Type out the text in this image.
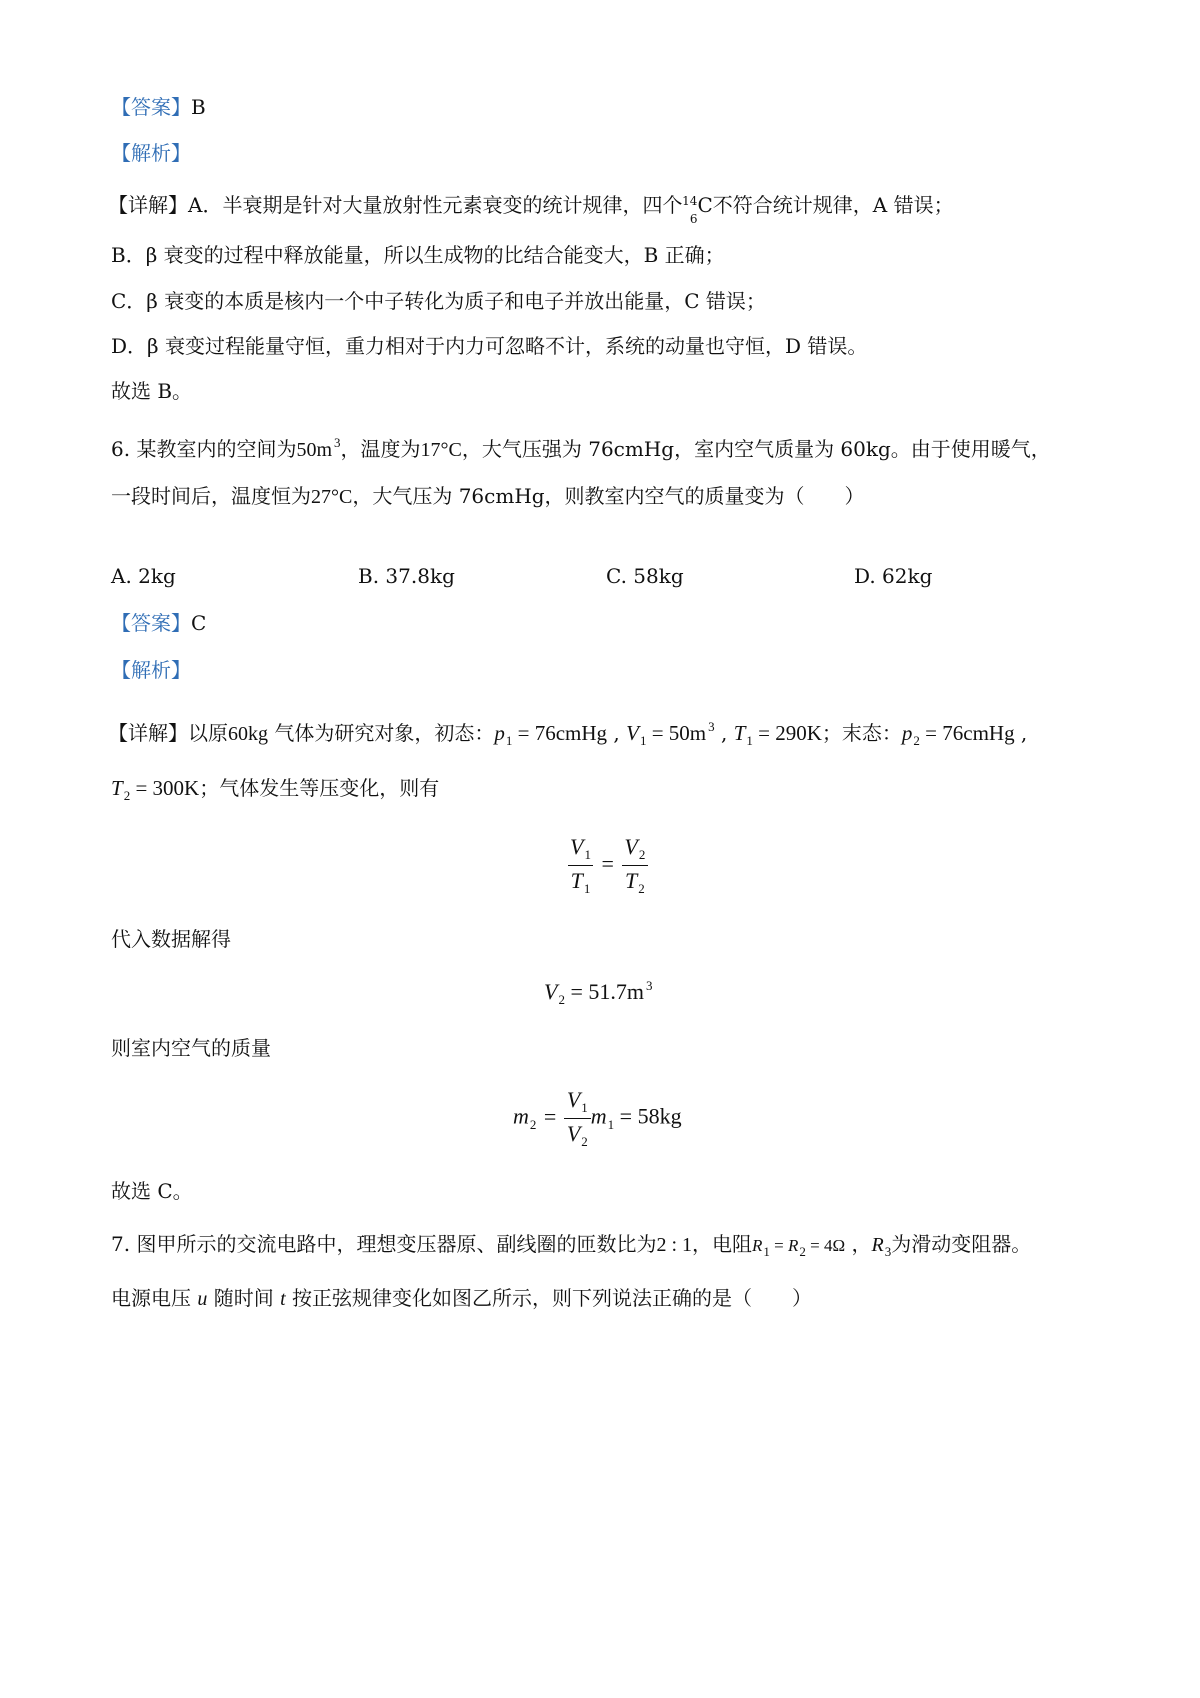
【答案】B
【解析】
【详解】A．半衰期是针对大量放射性元素衰变的统计规律，四个 14
6
C不符合统计规律，A 错误；
B．β 衰变的过程中释放能量，所以生成物的比结合能变大，B 正确；
C．β 衰变的本质是核内一个中子转化为质子和电子并放出能量，C 错误；
D．β 衰变过程能量守恒，重力相对于内力可忽略不计，系统的动量也守恒，D 错误。
故选 B。
6. 某教室内的空间为50m $^3$，温度为17°C，大气压强为 76cmHg，室内空气质量为 60kg。由于使用暖气，
一段时间后，温度恒为27°C，大气压为 76cmHg，则教室内空气的质量变为（　　）
A. 2kg	B. 37.8kg	C. 58kg	D. 62kg
【答案】C
【解析】
【详解】以原60kg 气体为研究对象，初态：$p_1$ = 76cmHg , $V_1 = 50m$ $^3$ , $T_1 = 290K$；末态：$p_2$ = 76cmHg ,
$T_2 = 300K$；气体发生等压变化，则有
$\frac{V_1}{T_1} = \frac{V_2}{T_2}$
代入数据解得
$V_2 = 51.7m$ $^3$
则室内空气的质量
$m_2 = \frac{V_1}{V_2} m_1 = 58kg$
故选 C。
7. 图甲所示的交流电路中，理想变压器原、副线圈的匝数比为2 : 1，电阻$R_1 = R_2 = 4\Omega$ ，$R_3$为滑动变阻器。
电源电压 u 随时间 t 按正弦规律变化如图乙所示，则下列说法正确的是（　　）
